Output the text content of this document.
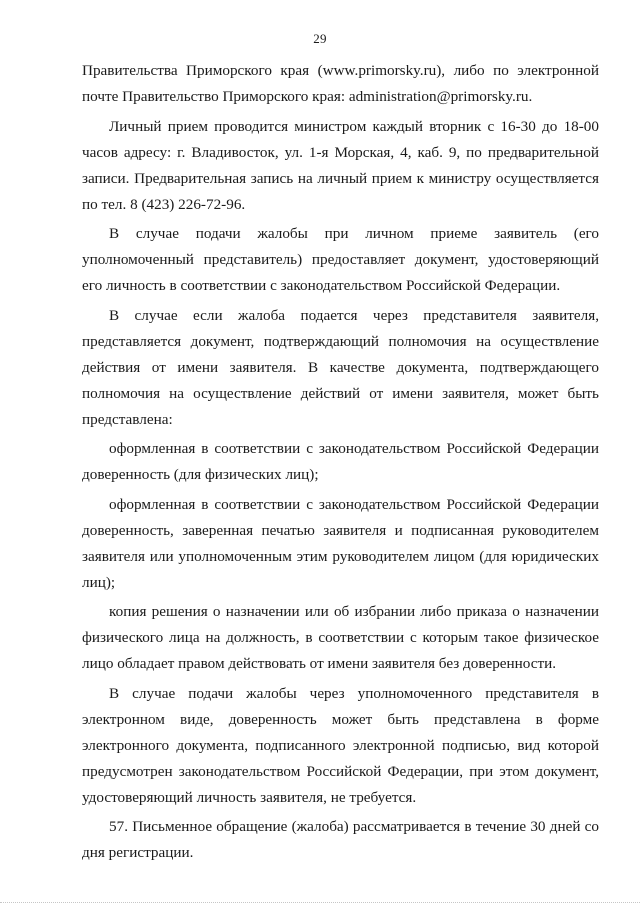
29

Правительства Приморского края (www.primorsky.ru), либо по электронной почте Правительство Приморского края: administration@primorsky.ru.

Личный прием проводится министром каждый вторник с 16-30 до 18-00 часов адресу: г. Владивосток, ул. 1-я Морская, 4, каб. 9, по предварительной записи. Предварительная запись на личный прием к министру осуществляется по тел. 8 (423) 226-72-96.

В случае подачи жалобы при личном приеме заявитель (его уполномоченный представитель) предоставляет документ, удостоверяющий его личность в соответствии с законодательством Российской Федерации.

В случае если жалоба подается через представителя заявителя, представляется документ, подтверждающий полномочия на осуществление действия от имени заявителя. В качестве документа, подтверждающего полномочия на осуществление действий от имени заявителя, может быть представлена:

оформленная в соответствии с законодательством Российской Федерации доверенность (для физических лиц);

оформленная в соответствии с законодательством Российской Федерации доверенность, заверенная печатью заявителя и подписанная руководителем заявителя или уполномоченным этим руководителем лицом (для юридических лиц);

копия решения о назначении или об избрании либо приказа о назначении физического лица на должность, в соответствии с которым такое физическое лицо обладает правом действовать от имени заявителя без доверенности.

В случае подачи жалобы через уполномоченного представителя в электронном виде, доверенность может быть представлена в форме электронного документа, подписанного электронной подписью, вид которой предусмотрен законодательством Российской Федерации, при этом документ, удостоверяющий личность заявителя, не требуется.

57. Письменное обращение (жалоба) рассматривается в течение 30 дней со дня регистрации.
